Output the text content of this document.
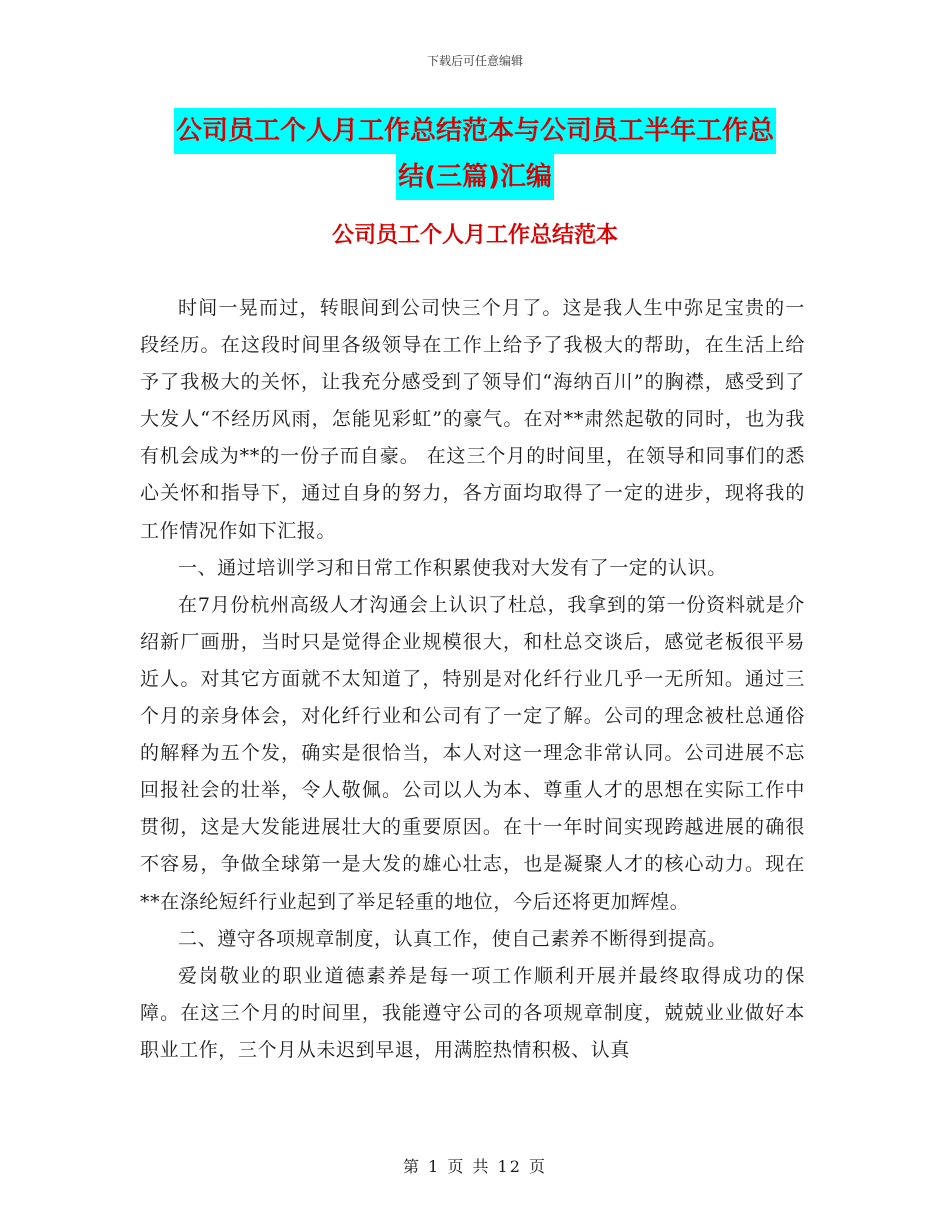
下载后可任意编辑
公司员工个人月工作总结范本与公司员工半年工作总
结(三篇)汇编
公司员工个人月工作总结范本

时间一晃而过，转眼间到公司快三个月了。这是我人生中弥足宝贵的一段经历。在这段时间里各级领导在工作上给予了我极大的帮助，在生活上给予了我极大的关怀，让我充分感受到了领导们“海纳百川”的胸襟，感受到了大发人“不经历风雨，怎能见彩虹”的豪气。在对**肃然起敬的同时，也为我有机会成为**的一份子而自豪。 在这三个月的时间里，在领导和同事们的悉心关怀和指导下，通过自身的努力，各方面均取得了一定的进步，现将我的工作情况作如下汇报。

一、通过培训学习和日常工作积累使我对大发有了一定的认识。

在7月份杭州高级人才沟通会上认识了杜总，我拿到的第一份资料就是介绍新厂画册，当时只是觉得企业规模很大，和杜总交谈后，感觉老板很平易近人。对其它方面就不太知道了，特别是对化纤行业几乎一无所知。通过三个月的亲身体会，对化纤行业和公司有了一定了解。公司的理念被杜总通俗的解释为五个发，确实是很恰当，本人对这一理念非常认同。公司进展不忘回报社会的壮举，令人敬佩。公司以人为本、尊重人才的思想在实际工作中贯彻，这是大发能进展壮大的重要原因。在十一年时间实现跨越进展的确很不容易，争做全球第一是大发的雄心壮志，也是凝聚人才的核心动力。现在**在涤纶短纤行业起到了举足轻重的地位，今后还将更加辉煌。

二、遵守各项规章制度，认真工作，使自己素养不断得到提高。

爱岗敬业的职业道德素养是每一项工作顺利开展并最终取得成功的保障。在这三个月的时间里，我能遵守公司的各项规章制度，兢兢业业做好本职业工作，三个月从未迟到早退，用满腔热情积极、认真

第 1 页 共 12 页
